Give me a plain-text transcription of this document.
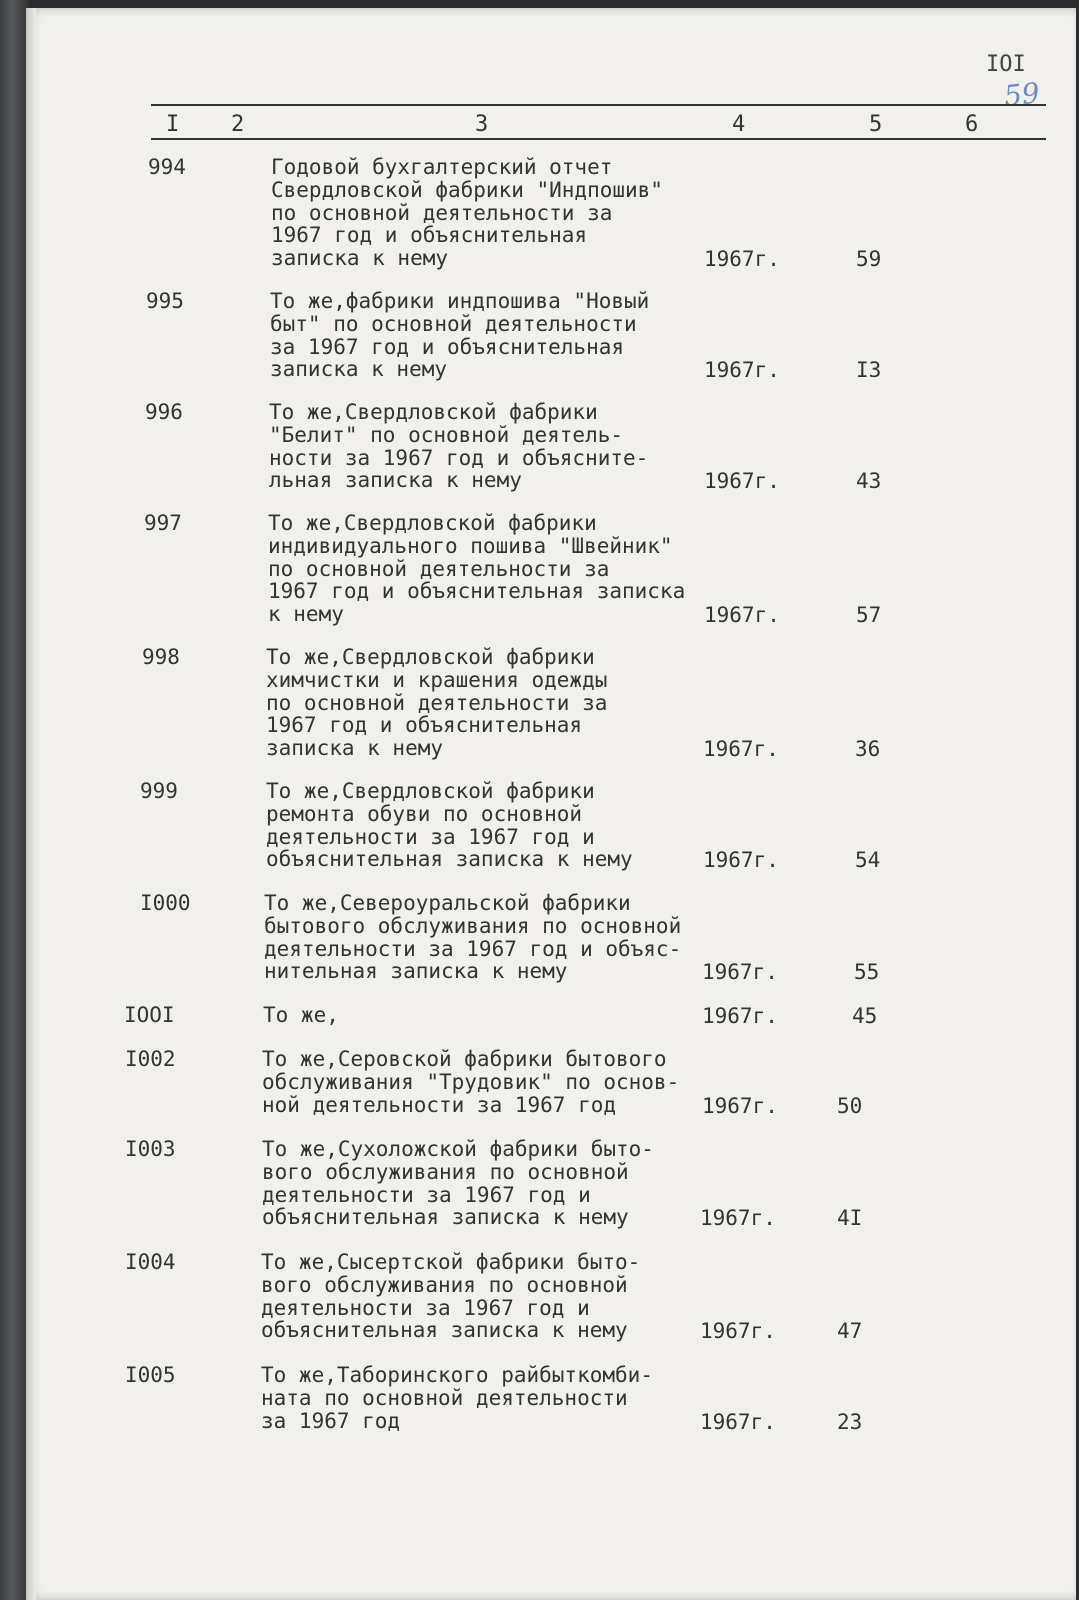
IOI
59
I 2	3	4	5	6
994	Годовой бухгалтерский отчет
Свердловской фабрики "Индпошив"
по основной деятельности за
1967 год и объяснительная
записка к нему	1967г.	59
995	То же,фабрики индпошива "Новый
быт" по основной деятельности
за 1967 год и объяснительная
записка к нему	1967г.	I3
996	То же,Свердловской фабрики
"Белит" по основной деятель-
ности за 1967 год и объясните-
льная записка к нему	1967г.	43
997	То же,Свердловской фабрики
индивидуального пошива "Швейник"
по основной деятельности за
1967 год и объяснительная записка
к нему	1967г.	57
998	То же,Свердловской фабрики
химчистки и крашения одежды
по основной деятельности за
1967 год и объяснительная
записка к нему	1967г.	36
999	То же,Свердловской фабрики
ремонта обуви по основной
деятельности за 1967 год и
объяснительная записка к нему	1967г.	54
I000	То же,Североуральской фабрики
бытового обслуживания по основной
деятельности за 1967 год и объяс-
нительная записка к нему	1967г.	55
IOOI	То же,	1967г.	45
I002	То же,Серовской фабрики бытового
обслуживания "Трудовик" по основ-
ной деятельности за 1967 год	1967г.	50
I003	То же,Сухоложской фабрики быто-
вого обслуживания по основной
деятельности за 1967 год и
объяснительная записка к нему	1967г.	4I
I004	То же,Сысертской фабрики быто-
вого обслуживания по основной
деятельности за 1967 год и
объяснительная записка к нему	1967г.	47
I005	То же,Таборинского райбыткомби-
ната по основной деятельности
за 1967 год	1967г.	23
